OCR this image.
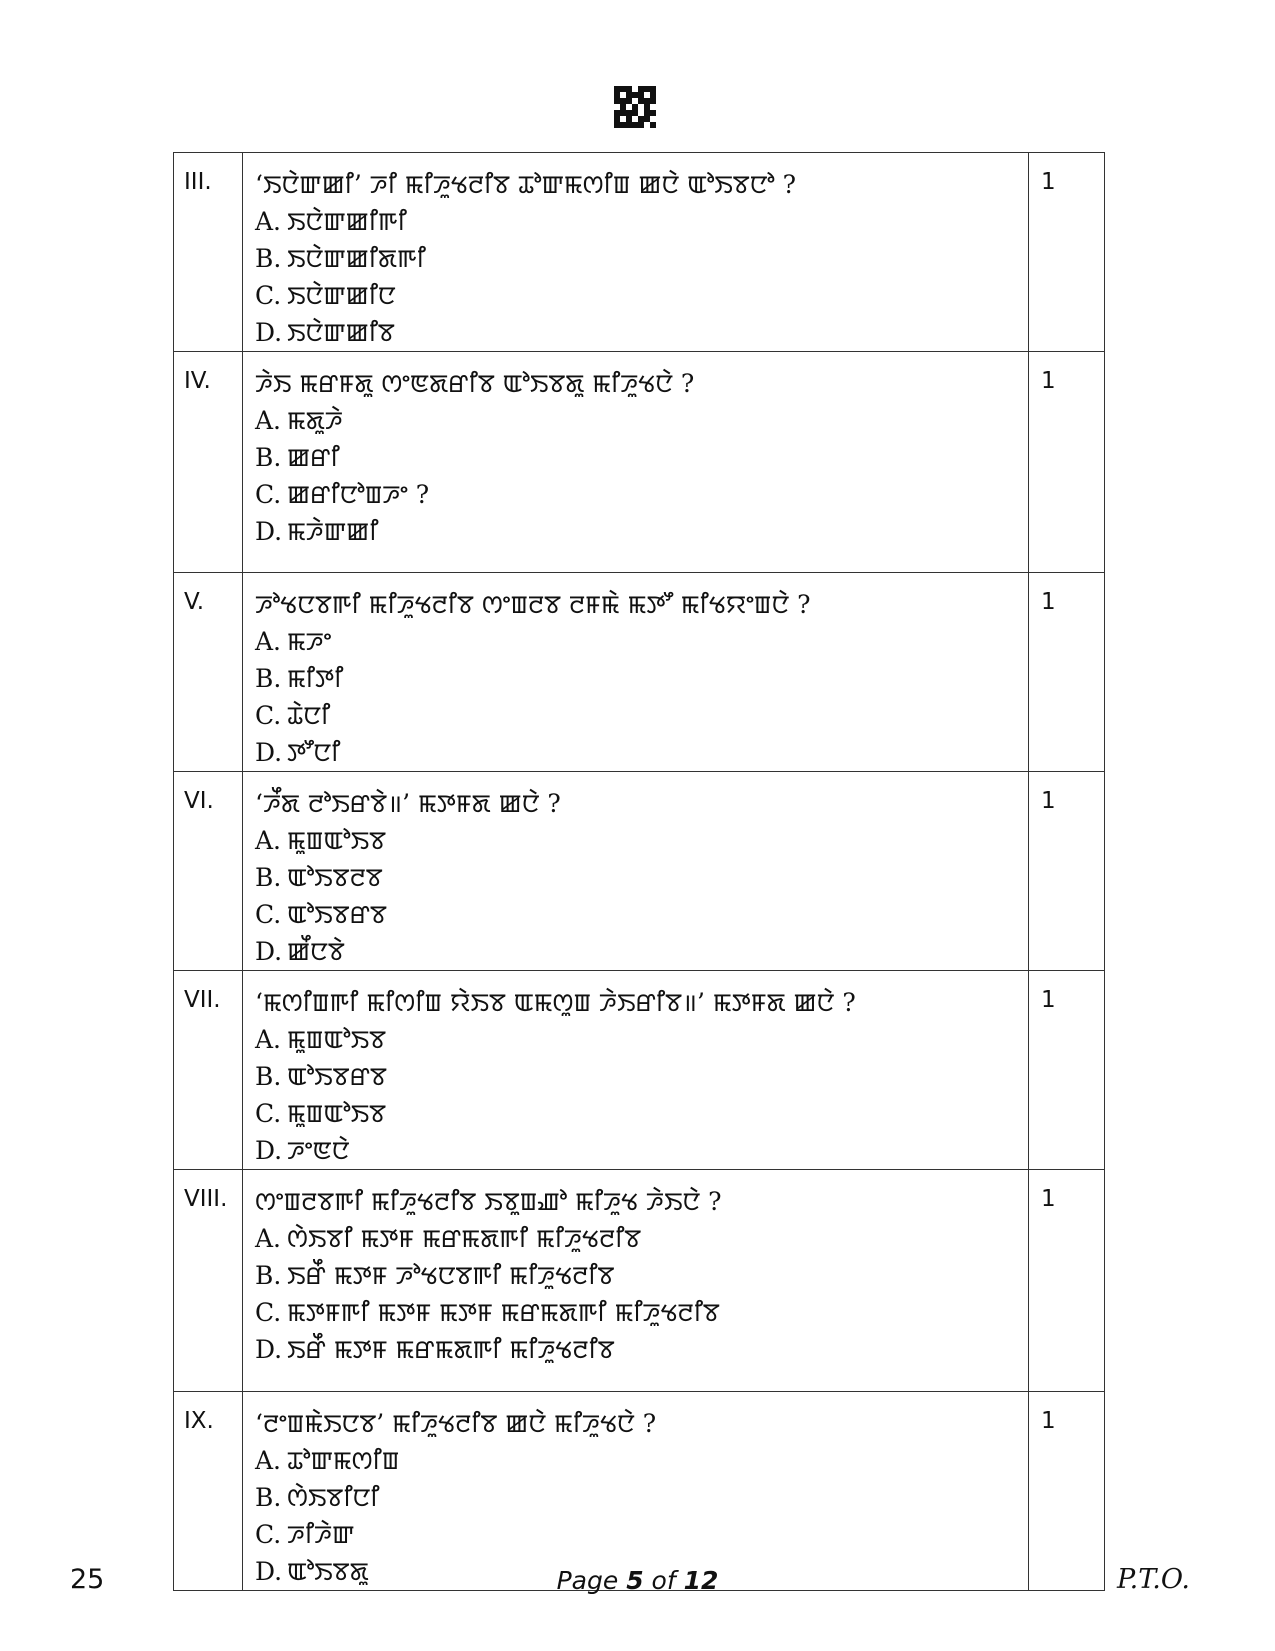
III.	‘ꯏꯅꯥꯛꯀꯤ’ ꯍꯤ ꯃꯤꯍꯨꯠꯂꯤꯕ ꯊꯣꯛꯃꯁꯤꯡ ꯀꯅꯥ ꯑꯣꯏꯕꯅꯣ ?
A. ꯏꯅꯥꯛꯀꯤꯒꯤ
B. ꯏꯅꯥꯛꯀꯤꯗꯒꯤ
C. ꯏꯅꯥꯛꯀꯤꯅ
D. ꯏꯅꯥꯛꯀꯤꯕ	1
IV.	ꯍꯥꯏ ꯃꯔꯝꯗꯨ ꯁꯦꯟꯗꯔꯤꯕ ꯑꯣꯏꯕꯗꯨ ꯃꯤꯍꯨꯠꯅꯥ ?
A. ꯃꯗꯨꯍꯥ
B. ꯀꯔꯤ
C. ꯀꯔꯤꯅꯣꯡꯍꯦ ?
D. ꯃꯍꯥꯛꯀꯤ	1
V.	ꯍꯣꯠꯅꯕꯒꯤ ꯃꯤꯍꯨꯠꯂꯤꯕ ꯁꯦꯡꯂꯕ ꯂꯝꯃꯥ ꯃꯇꯧ ꯃꯤꯠꯌꯦꯡꯅꯥ ?
A. ꯃꯍꯦ
B. ꯃꯤꯇꯤ
C. ꯊꯥꯅꯤ
D. ꯇꯧꯅꯤ	1
VI.	‘ꯍꯩꯗ ꯂꯣꯏꯔꯕꯥ॥’ ꯃꯇꯝꯗ ꯀꯅꯥ ?
A. ꯃꯨꯡꯑꯣꯏꯕ
B. ꯑꯣꯏꯕꯂꯕ
C. ꯑꯣꯏꯕꯔꯕ
D. ꯀꯩꯅꯕꯥ	1
VII.	‘ꯃꯁꯤꯡꯒꯤ ꯃꯤꯁꯤꯡ ꯌꯥꯏꯕ ꯑꯃꯁꯨꯡ ꯍꯥꯏꯔꯤꯕ॥’ ꯃꯇꯝꯗ ꯀꯅꯥ ?
A. ꯃꯨꯡꯑꯣꯏꯕ
B. ꯑꯣꯏꯕꯔꯕ
C. ꯃꯨꯡꯑꯣꯏꯕ
D. ꯍꯦꯟꯅꯥ	1
VIII.	ꯁꯦꯡꯂꯕꯒꯤ ꯃꯤꯍꯨꯠꯂꯤꯕ ꯏꯕꯨꯡꯉꯣ ꯃꯤꯍꯨꯠ ꯍꯥꯏꯅꯥ ?
A. ꯁꯥꯏꯕꯤ ꯃꯇꯝ ꯃꯔꯃꯗꯒꯤ ꯃꯤꯍꯨꯠꯂꯤꯕ
B. ꯏꯔꯩ ꯃꯇꯝ ꯍꯣꯠꯅꯕꯒꯤ ꯃꯤꯍꯨꯠꯂꯤꯕ
C. ꯃꯇꯝꯒꯤ ꯃꯇꯝ ꯃꯇꯝ ꯃꯔꯃꯗꯒꯤ ꯃꯤꯍꯨꯠꯂꯤꯕ
D. ꯏꯔꯩ ꯃꯇꯝ ꯃꯔꯃꯗꯒꯤ ꯃꯤꯍꯨꯠꯂꯤꯕ	1
IX.	‘ꯂꯦꯡꯃꯥꯏꯅꯕ’ ꯃꯤꯍꯨꯠꯂꯤꯕ ꯀꯅꯥ ꯃꯤꯍꯨꯠꯅꯥ ?
A. ꯊꯣꯛꯃꯁꯤꯡ
B. ꯁꯥꯏꯕꯤꯅꯤ
C. ꯍꯤꯍꯥꯛ
D. ꯑꯣꯏꯕꯗꯨ	1
25	Page 5 of 12	P.T.O.
